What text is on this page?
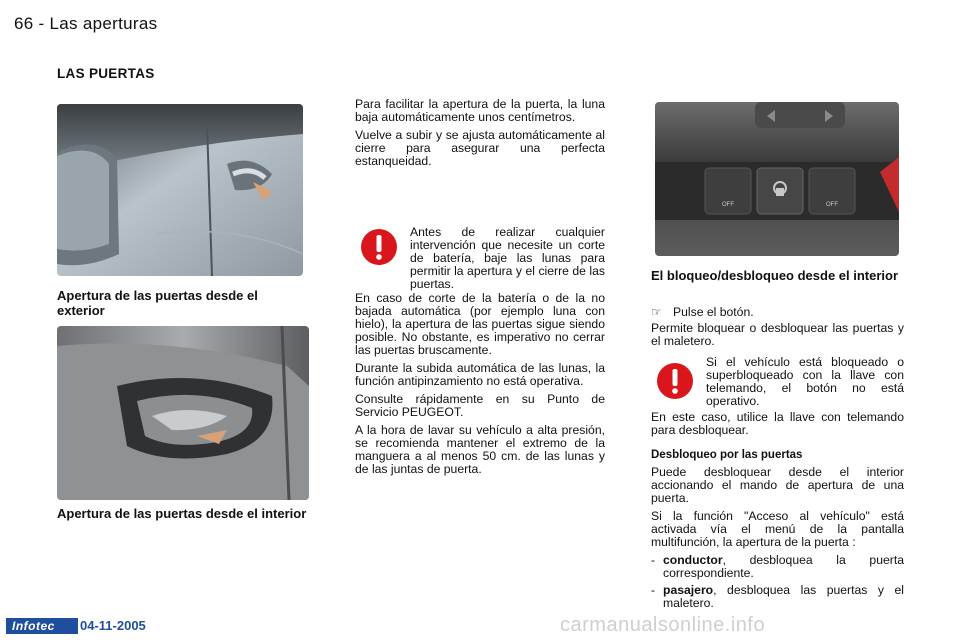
66 - Las aperturas
LAS PUERTAS
Apertura de las puertas desde el exterior
Apertura de las puertas desde el interior

Para facilitar la apertura de la puerta, la luna baja automáticamente unos centímetros.

Vuelve a subir y se ajusta automáticamente al cierre para asegurar una perfecta estanqueidad.

Antes de realizar cualquier intervención que necesite un corte de batería, baje las lunas para permitir la apertura y el cierre de las puertas.

En caso de corte de la batería o de la no bajada automática (por ejemplo luna con hielo), la apertura de las puertas sigue siendo posible. No obstante, es imperativo no cerrar las puertas bruscamente.

Durante la subida automática de las lunas, la función antipinzamiento no está operativa.

Consulte rápidamente en su Punto de Servicio PEUGEOT.

A la hora de lavar su vehículo a alta presión, se recomienda mantener el extremo de la manguera a al menos 50 cm. de las lunas y de las juntas de puerta.

OFF	OFF
El bloqueo/desbloqueo desde el interior
☞ Pulse el botón.
Permite bloquear o desbloquear las puertas y el maletero.
Si el vehículo está bloqueado o superbloqueado con la llave con telemando, el botón no está operativo.
En este caso, utilice la llave con telemando para desbloquear.
Desbloqueo por las puertas

Puede desbloquear desde el interior accionando el mando de apertura de una puerta.

Si la función "Acceso al vehículo" está activada vía el menú de la pantalla multifunción, la apertura de la puerta :

- conductor, desbloquea la puerta correspondiente.
- pasajero, desbloquea las puertas y el maletero.
Infotec	04-11-2005	carmanualsonline.info
